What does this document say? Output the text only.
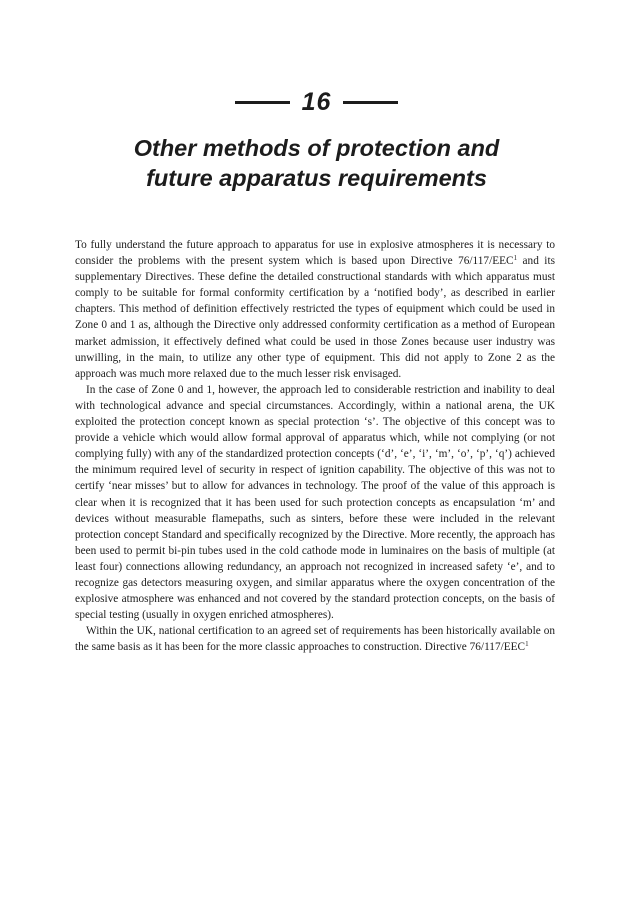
16
Other methods of protection and
future apparatus requirements

To fully understand the future approach to apparatus for use in explosive atmospheres it is necessary to consider the problems with the present system which is based upon Directive 76/117/EEC$^1$ and its supplementary Directives. These define the detailed constructional standards with which apparatus must comply to be suitable for formal conformity certification by a ‘notified body’, as described in earlier chapters. This method of definition effectively restricted the types of equipment which could be used in Zone 0 and 1 as, although the Directive only addressed conformity certification as a method of European market admission, it effectively defined what could be used in those Zones because user industry was unwilling, in the main, to utilize any other type of equipment. This did not apply to Zone 2 as the approach was much more relaxed due to the much lesser risk envisaged.

In the case of Zone 0 and 1, however, the approach led to considerable restriction and inability to deal with technological advance and special circumstances. Accordingly, within a national arena, the UK exploited the protection concept known as special protection ‘s’. The objective of this concept was to provide a vehicle which would allow formal approval of apparatus which, while not complying (or not complying fully) with any of the standardized protection concepts (‘d’, ‘e’, ‘i’, ‘m’, ‘o’, ‘p’, ‘q’) achieved the minimum required level of security in respect of ignition capability. The objective of this was not to certify ‘near misses’ but to allow for advances in technology. The proof of the value of this approach is clear when it is recognized that it has been used for such protection concepts as encapsulation ‘m’ and devices without measurable flamepaths, such as sinters, before these were included in the relevant protection concept Standard and specifically recognized by the Directive. More recently, the approach has been used to permit bi-pin tubes used in the cold cathode mode in luminaires on the basis of multiple (at least four) connections allowing redundancy, an approach not recognized in increased safety ‘e’, and to recognize gas detectors measuring oxygen, and similar apparatus where the oxygen concentration of the explosive atmosphere was enhanced and not covered by the standard protection concepts, on the basis of special testing (usually in oxygen enriched atmospheres).

Within the UK, national certification to an agreed set of requirements has been historically available on the same basis as it has been for the more classic approaches to construction. Directive 76/117/EEC$^1$
